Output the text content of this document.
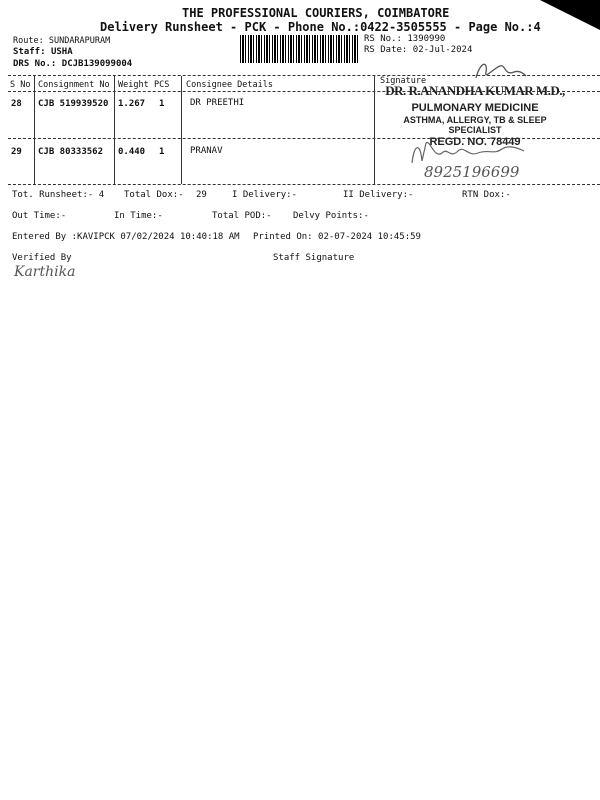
THE PROFESSIONAL COURIERS, COIMBATORE
Delivery Runsheet - PCK - Phone No.:0422-3505555 - Page No.:4
Route: SUNDARAPURAM
Staff: USHA
DRS No.: DCJB139099004
RS No.: 1390990
RS Date: 02-Jul-2024
S No Consignment No Weight PCS Consignee Details	Signature
28 CJB 519939520 1.267 1	DR PREETHI
29 CJB 80333562 0.440 1	PRANAV
DR. R.ANANDHA KUMAR M.D.,
PULMONARY MEDICINE
ASTHMA, ALLERGY, TB & SLEEP SPECIALIST
REGD. NO. 78449
8925196699
Tot. Runsheet:- 4 Total Dox:- 29	I Delivery:-	II Delivery:-	RTN Dox:-
Out Time:-	In Time:-	Total POD:- Delvy Points:-
Entered By :KAVIPCK 07/02/2024 10:40:18 AM Printed On: 02-07-2024 10:45:59
Verified By	Staff Signature
Karthika
